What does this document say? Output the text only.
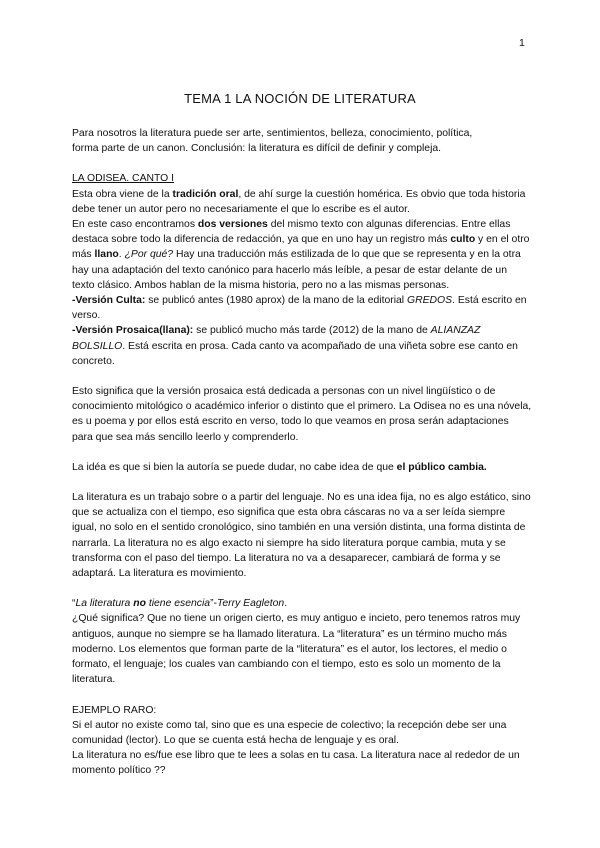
1
TEMA 1 LA NOCIÓN DE LITERATURA

Para nosotros la literatura puede ser arte, sentimientos, belleza, conocimiento, política,
forma parte de un canon. Conclusión: la literatura es difícil de definir y compleja.

LA ODISEA. CANTO I

Esta obra viene de la tradición oral, de ahí surge la cuestión homérica. Es obvio que toda historia debe tener un autor pero no necesariamente el que lo escribe es el autor.

En este caso encontramos dos versiones del mismo texto con algunas diferencias. Entre ellas destaca sobre todo la diferencia de redacción, ya que en uno hay un registro más culto y en el otro más llano. ¿Por qué? Hay una traducción más estilizada de lo que que se representa y en la otra hay una adaptación del texto canónico para hacerlo más leíble, a pesar de estar delante de un texto clásico. Ambos hablan de la misma historia, pero no a las mismas personas.

-Versión Culta: se publicó antes (1980 aprox) de la mano de la editorial GREDOS. Está escrito en verso.

-Versión Prosaica(llana): se publicó mucho más tarde (2012) de la mano de ALIANZAZ BOLSILLO. Está escrita en prosa. Cada canto va acompañado de una viñeta sobre ese canto en concreto.

Esto significa que la versión prosaica está dedicada a personas con un nivel lingüístico o de conocimiento mitológico o académico inferior o distinto que el primero. La Odisea no es una nóvela, es u poema y por ellos está escrito en verso, todo lo que veamos en prosa serán adaptaciones para que sea más sencillo leerlo y comprenderlo.

La idéa es que si bien la autoría se puede dudar, no cabe idea de que el público cambia.

La literatura es un trabajo sobre o a partir del lenguaje. No es una idea fija, no es algo estático, sino que se actualiza con el tiempo, eso significa que esta obra cáscaras no va a ser leída siempre igual, no solo en el sentido cronológico, sino también en una versión distinta, una forma distinta de narrarla. La literatura no es algo exacto ni siempre ha sido literatura porque cambia, muta y se transforma con el paso del tiempo. La literatura no va a desaparecer, cambiará de forma y se adaptará. La literatura es movimiento.

“La literatura no tiene esencia”-Terry Eagleton.

¿Qué significa? Que no tiene un origen cierto, es muy antiguo e incieto, pero tenemos ratros muy antiguos, aunque no siempre se ha llamado literatura. La “literatura” es un término mucho más moderno. Los elementos que forman parte de la “literatura” es el autor, los lectores, el medio o formato, el lenguaje; los cuales van cambiando con el tiempo, esto es solo un momento de la literatura.

EJEMPLO RARO:

Si el autor no existe como tal, sino que es una especie de colectivo; la recepción debe ser una comunidad (lector). Lo que se cuenta está hecha de lenguaje y es oral.

La literatura no es/fue ese libro que te lees a solas en tu casa. La literatura nace al rededor de un momento político ??
